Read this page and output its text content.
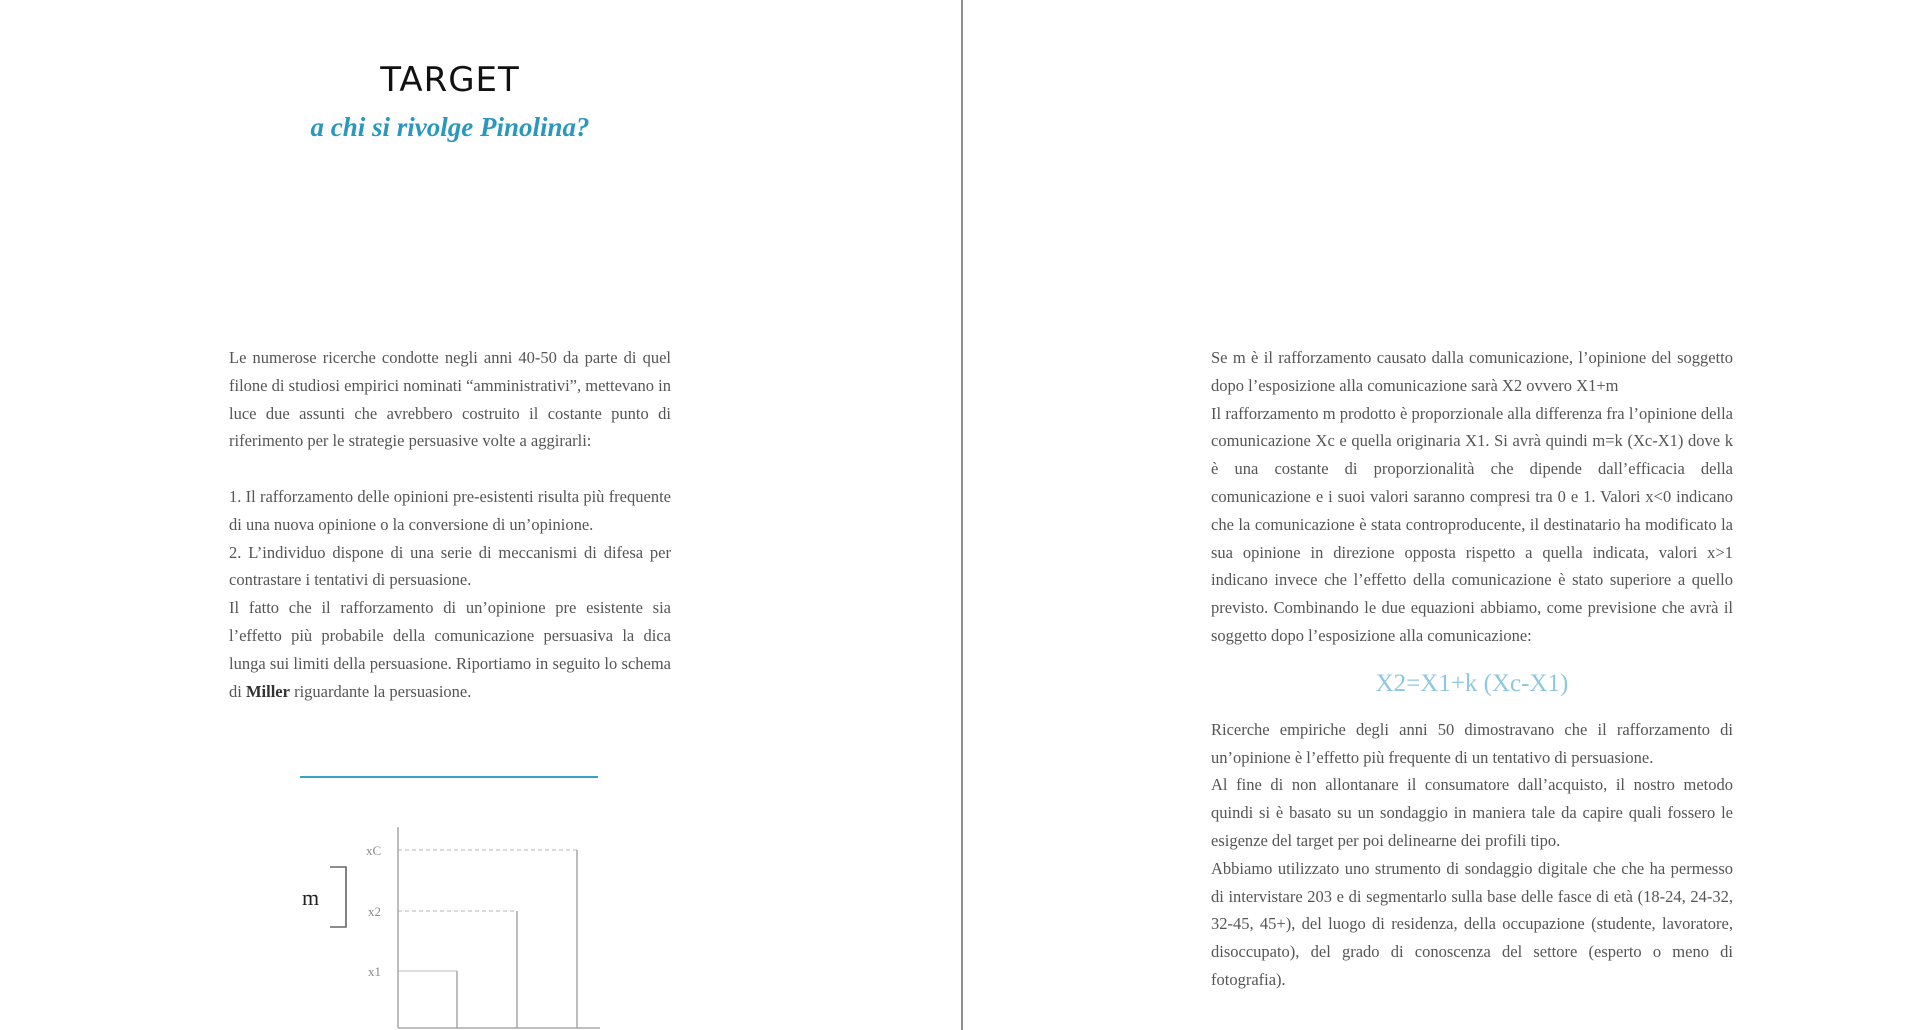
TARGET
a chi si rivolge Pinolina?

Le numerose ricerche condotte negli anni 40-50 da parte di quel filone di studiosi empirici nominati “amministrativi”, mettevano in luce due assunti che avrebbero costruito il costante punto di riferimento per le strategie persuasive volte a aggirarli:

1. Il rafforzamento delle opinioni pre-esistenti risulta più frequente di una nuova opinione o la conversione di un’opinione.

2. L’individuo dispone di una serie di meccanismi di difesa per contrastare i tentativi di persuasione.

Il fatto che il rafforzamento di un’opinione pre esistente sia l’effetto più probabile della comunicazione persuasiva la dica lunga sui limiti della persuasione. Riportiamo in seguito lo schema di Miller riguardante la persuasione.

m
xC
x2
x1

Se m è il rafforzamento causato dalla comunicazione, l’opinione del soggetto dopo l’esposizione alla comunicazione sarà X2 ovvero X1+m

Il rafforzamento m prodotto è proporzionale alla differenza fra l’opinione della comunicazione Xc e quella originaria X1. Si avrà quindi m=k (Xc-X1) dove k è una costante di proporzionalità che dipende dall’efficacia della comunicazione e i suoi valori saranno compresi tra 0 e 1. Valori x<0 indicano che la comunicazione è stata controproducente, il destinatario ha modificato la sua opinione in direzione opposta rispetto a quella indicata, valori x>1 indicano invece che l’effetto della comunicazione è stato superiore a quello previsto. Combinando le due equazioni abbiamo, come previsione che avrà il soggetto dopo l’esposizione alla comunicazione:

X2=X1+k (Xc-X1)

Ricerche empiriche degli anni 50 dimostravano che il rafforzamento di un’opinione è l’effetto più frequente di un tentativo di persuasione.

Al fine di non allontanare il consumatore dall’acquisto, il nostro metodo quindi si è basato su un sondaggio in maniera tale da capire quali fossero le esigenze del target per poi delinearne dei profili tipo.

Abbiamo utilizzato uno strumento di sondaggio digitale che che ha permesso di intervistare 203 e di segmentarlo sulla base delle fasce di età (18-24, 24-32, 32-45, 45+), del luogo di residenza, della occupazione (studente, lavoratore, disoccupato), del grado di conoscenza del settore (esperto o meno di fotografia).
